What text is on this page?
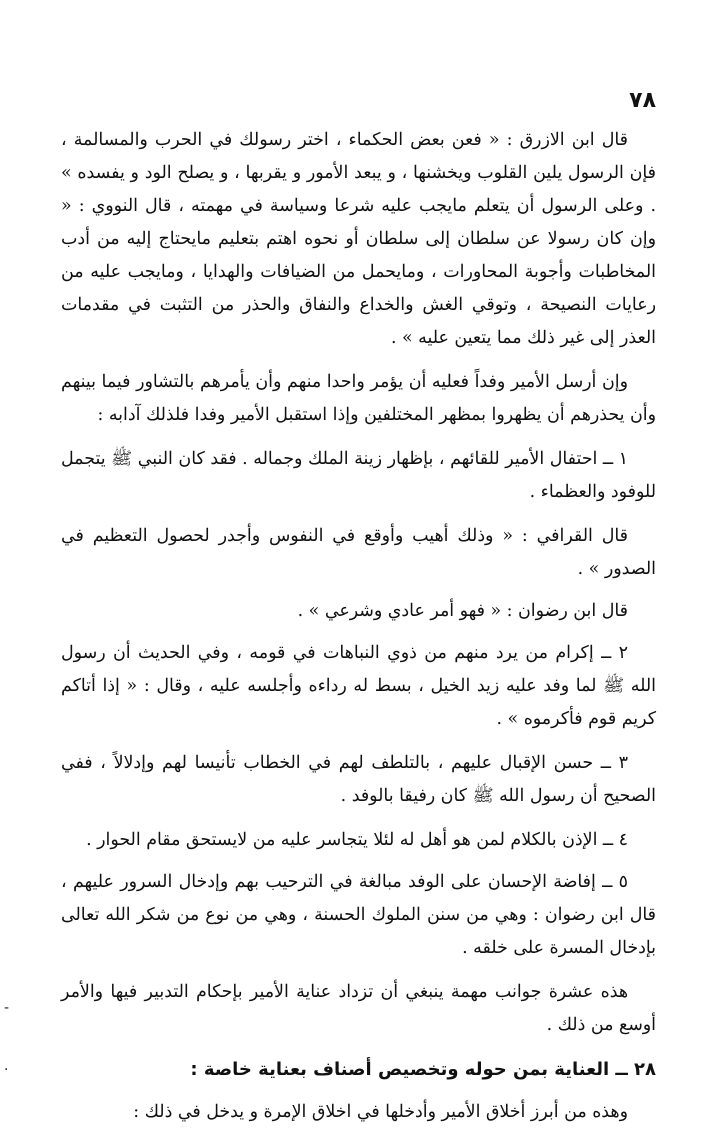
٧٨

قال ابن الازرق : « فعن بعض الحكماء ، اختر رسولك في الحرب والمسالمة ، فإن الرسول يلين القلوب ويخشنها ، و يبعد الأمور و يقربها ، و يصلح الود و يفسده » . وعلى الرسول أن يتعلم مايجب عليه شرعا وسياسة في مهمته ، قال النووي : « وإن كان رسولا عن سلطان إلى سلطان أو نحوه اهتم بتعليم مايحتاج إليه من أدب المخاطبات وأجوبة المحاورات ، ومايحمل من الضيافات والهدايا ، ومايجب عليه من رعايات النصيحة ، وتوقي الغش والخداع والنفاق والحذر من التثبت في مقدمات العذر إلى غير ذلك مما يتعين عليه » .

وإن أرسل الأمير وفداً فعليه أن يؤمر واحدا منهم وأن يأمرهم بالتشاور فيما بينهم وأن يحذرهم أن يظهروا بمظهر المختلفين وإذا استقبل الأمير وفدا فلذلك آدابه :

١ ــ احتفال الأمير للقائهم ، بإظهار زينة الملك وجماله . فقد كان النبي ﷺ يتجمل للوفود والعظماء .

قال القرافي : « وذلك أهيب وأوقع في النفوس وأجدر لحصول التعظيم في الصدور » .

قال ابن رضوان : « فهو أمر عادي وشرعي » .

٢ ــ إكرام من يرد منهم من ذوي النباهات في قومه ، وفي الحديث أن رسول الله ﷺ لما وفد عليه زيد الخيل ، بسط له رداءه وأجلسه عليه ، وقال : « إذا أتاكم كريم قوم فأكرموه » .

٣ ــ حسن الإقبال عليهم ، بالتلطف لهم في الخطاب تأنيسا لهم وإدلالاً ، ففي الصحيح أن رسول الله ﷺ كان رفيقا بالوفد .

٤ ــ الإذن بالكلام لمن هو أهل له لئلا يتجاسر عليه من لايستحق مقام الحوار .

٥ ــ إفاضة الإحسان على الوفد مبالغة في الترحيب بهم وإدخال السرور عليهم ، قال ابن رضوان : وهي من سنن الملوك الحسنة ، وهي من نوع من شكر الله تعالى بإدخال المسرة على خلقه .

هذه عشرة جوانب مهمة ينبغي أن تزداد عناية الأمير بإحكام التدبير فيها والأمر أوسع من ذلك .

٢٨ ــ العناية بمن حوله وتخصيص أصناف بعناية خاصة :

وهذه من أبرز أخلاق الأمير وأدخلها في اخلاق الإمرة و يدخل في ذلك :

-
·
